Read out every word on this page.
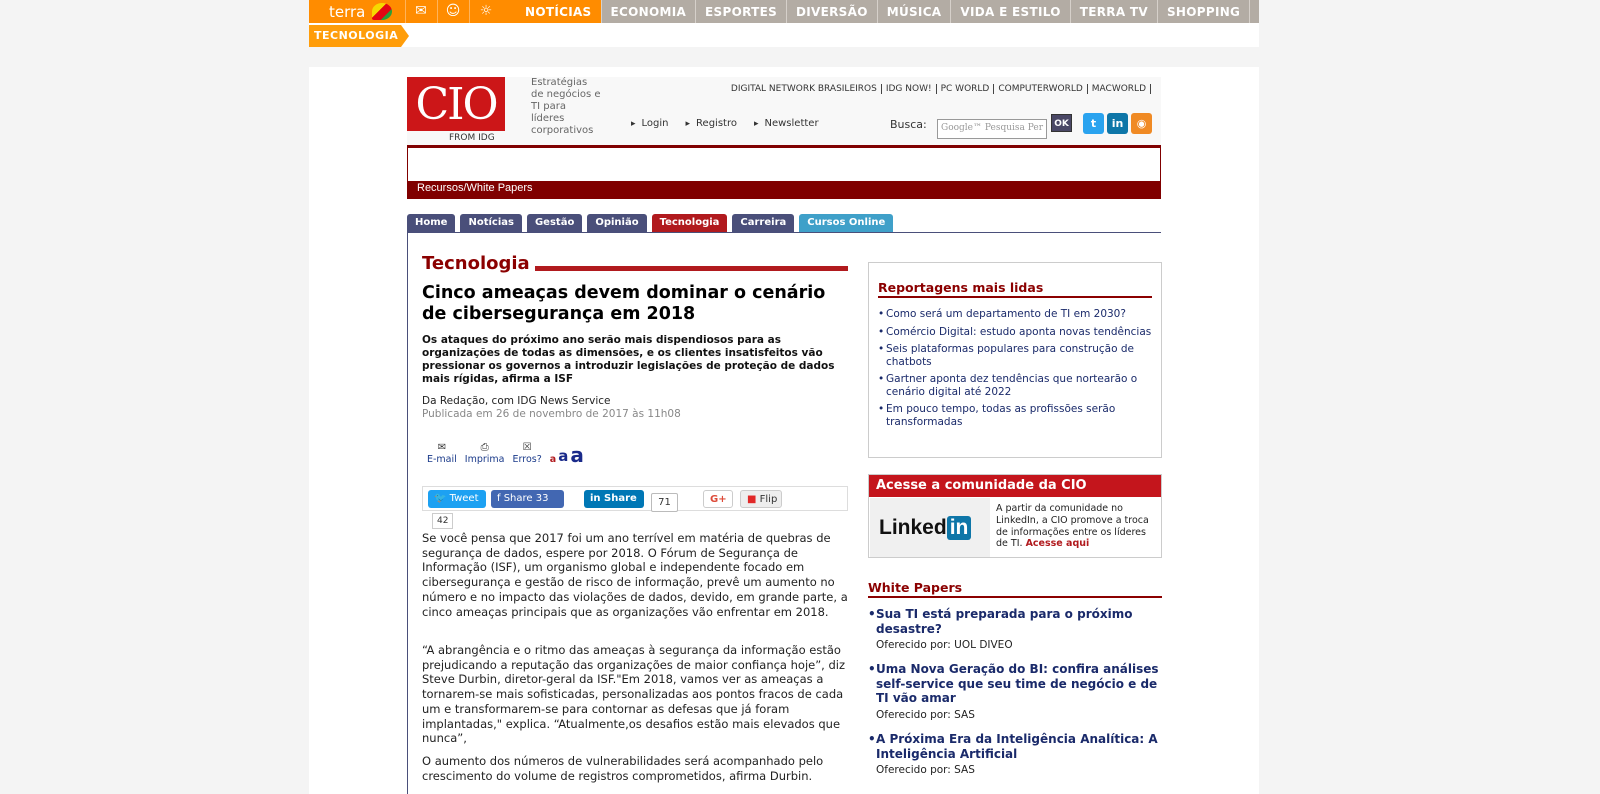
terra	✉ ☺ ☼	NOTÍCIAS	ECONOMIA	ESPORTES	DIVERSÃO	MÚSICA	VIDA E ESTILO	TERRA TV	SHOPPING
TECNOLOGIA
CIO
FROM IDG
Estratégias de negócios e TI para líderes corporativos
DIGITAL NETWORK BRASILEIROS	IDG NOW!	PC WORLD	COMPUTERWORLD	MACWORLD
▸ Login	▸ Registro	▸ Newsletter	Busca:	Google™ Pesquisa Per	OK	t	in	◉
Recursos/White Papers
Home	Notícias	Gestão	Opinião	Tecnologia	Carreira	Cursos Online
Tecnologia
Cinco ameaças devem dominar o cenário de cibersegurança em 2018
Os ataques do próximo ano serão mais dispendiosos para as organizações de todas as dimensões, e os clientes insatisfeitos vão pressionar os governos a introduzir legislações de proteção de dados mais rígidas, afirma a ISF
Da Redação, com IDG News Service
Publicada em 26 de novembro de 2017 às 11h08
✉
E-mail
⎙
Imprima
☒
Erros? a a a
🐦 Tweet	f Share 33	in Share	G+	■ Flip
71
42

Se você pensa que 2017 foi um ano terrível em matéria de quebras de segurança de dados, espere por 2018. O Fórum de Segurança de Informação (ISF), um organismo global e independente focado em cibersegurança e gestão de risco de informação, prevê um aumento no número e no impacto das violações de dados, devido, em grande parte, a cinco ameaças principais que as organizações vão enfrentar em 2018.

“A abrangência e o ritmo das ameaças à segurança da informação estão prejudicando a reputação das organizações de maior confiança hoje”, diz Steve Durbin, diretor-geral da ISF."Em 2018, vamos ver as ameaças a tornarem-se mais sofisticadas, personalizadas aos pontos fracos de cada um e transformarem-se para contornar as defesas que já foram implantadas," explica. “Atualmente,os desafios estão mais elevados que nunca”,

O aumento dos números de vulnerabilidades será acompanhado pelo crescimento do volume de registros comprometidos, afirma Durbin.

Reportagens mais lidas
• Como será um departamento de TI em 2030?
• Comércio Digital: estudo aponta novas tendências
• Seis plataformas populares para construção de chatbots
• Gartner aponta dez tendências que nortearão o cenário digital até 2022
• Em pouco tempo, todas as profissões serão transformadas
Acesse a comunidade da CIO
Linked in
A partir da comunidade no LinkedIn, a CIO promove a troca de informações entre os líderes de TI. Acesse aqui
White Papers
• Sua TI está preparada para o próximo desastre?
Oferecido por: UOL DIVEO
• Uma Nova Geração do BI: confira análises self-service que seu time de negócio e de TI vão amar
Oferecido por: SAS
• A Próxima Era da Inteligência Analítica: A Inteligência Artificial
Oferecido por: SAS
